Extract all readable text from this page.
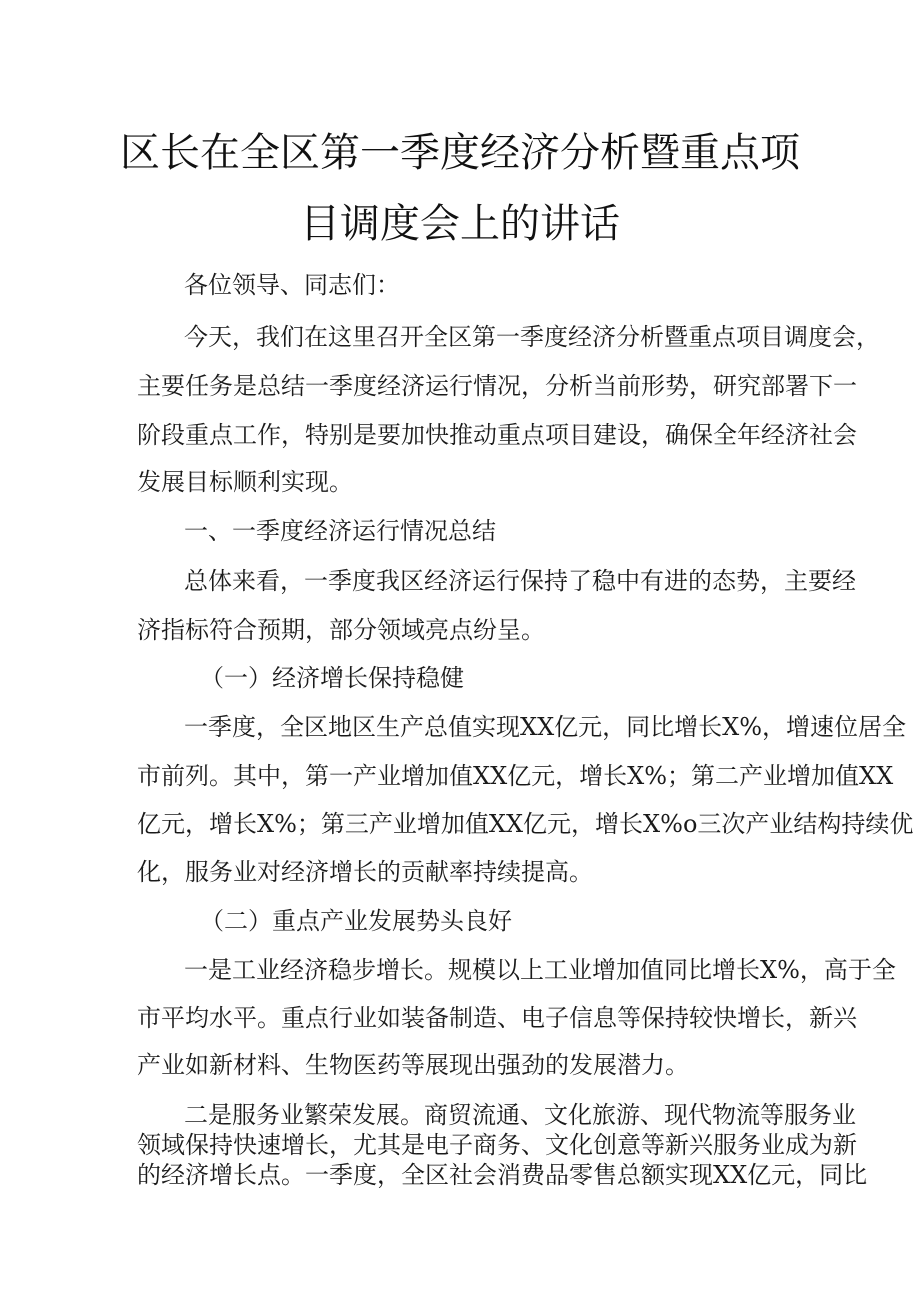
区长在全区第一季度经济分析暨重点项
目调度会上的讲话
各位领导、同志们：
今天，我们在这里召开全区第一季度经济分析暨重点项目调度会，
主要任务是总结一季度经济运行情况，分析当前形势，研究部署下一
阶段重点工作，特别是要加快推动重点项目建设，确保全年经济社会
发展目标顺利实现。
一、一季度经济运行情况总结
总体来看，一季度我区经济运行保持了稳中有进的态势，主要经
济指标符合预期，部分领域亮点纷呈。
（一）经济增长保持稳健
一季度，全区地区生产总值实现XX亿元，同比增长X%，增速位居全
市前列。其中，第一产业增加值XX亿元，增长X%；第二产业增加值XX
亿元，增长X%；第三产业增加值XX亿元，增长X%o三次产业结构持续优
化，服务业对经济增长的贡献率持续提高。
（二）重点产业发展势头良好
一是工业经济稳步增长。规模以上工业增加值同比增长X%，高于全
市平均水平。重点行业如装备制造、电子信息等保持较快增长，新兴
产业如新材料、生物医药等展现出强劲的发展潜力。
二是服务业繁荣发展。商贸流通、文化旅游、现代物流等服务业
领域保持快速增长，尤其是电子商务、文化创意等新兴服务业成为新
的经济增长点。一季度，全区社会消费品零售总额实现XX亿元，同比
